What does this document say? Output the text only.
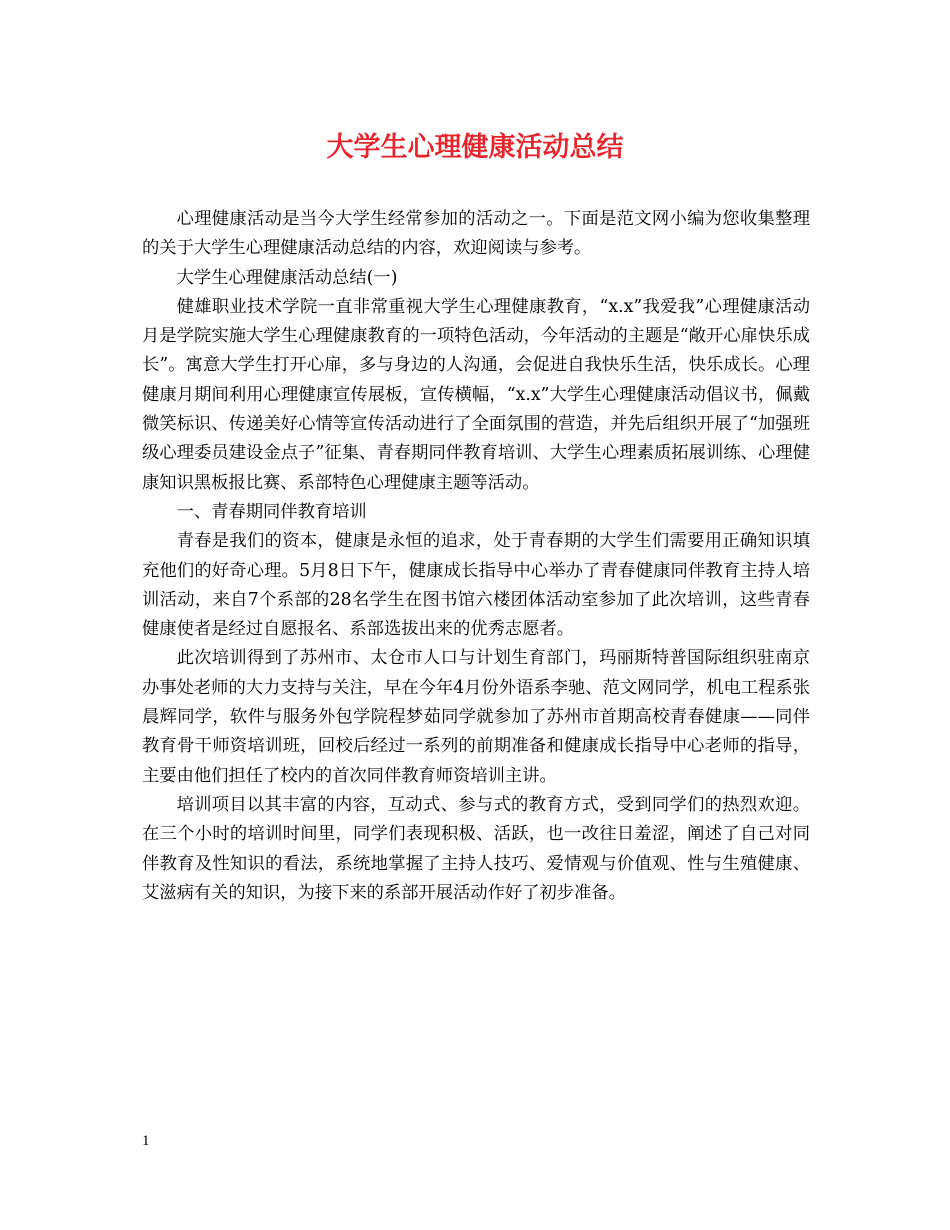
大学生心理健康活动总结

心理健康活动是当今大学生经常参加的活动之一。下面是范文网小编为您收集整理的关于大学生心理健康活动总结的内容，欢迎阅读与参考。

大学生心理健康活动总结(一)

健雄职业技术学院一直非常重视大学生心理健康教育，“x.x”我爱我”心理健康活动月是学院实施大学生心理健康教育的一项特色活动，今年活动的主题是“敞开心扉快乐成长”。寓意大学生打开心扉，多与身边的人沟通，会促进自我快乐生活，快乐成长。心理健康月期间利用心理健康宣传展板，宣传横幅，“x.x”大学生心理健康活动倡议书，佩戴微笑标识、传递美好心情等宣传活动进行了全面氛围的营造，并先后组织开展了“加强班级心理委员建设金点子”征集、青春期同伴教育培训、大学生心理素质拓展训练、心理健康知识黑板报比赛、系部特色心理健康主题等活动。

一、青春期同伴教育培训

青春是我们的资本，健康是永恒的追求，处于青春期的大学生们需要用正确知识填充他们的好奇心理。5月8日下午，健康成长指导中心举办了青春健康同伴教育主持人培训活动，来自7个系部的28名学生在图书馆六楼团体活动室参加了此次培训，这些青春健康使者是经过自愿报名、系部选拔出来的优秀志愿者。

此次培训得到了苏州市、太仓市人口与计划生育部门，玛丽斯特普国际组织驻南京办事处老师的大力支持与关注，早在今年4月份外语系李驰、范文网同学，机电工程系张晨辉同学，软件与服务外包学院程梦茹同学就参加了苏州市首期高校青春健康——同伴教育骨干师资培训班，回校后经过一系列的前期准备和健康成长指导中心老师的指导，主要由他们担任了校内的首次同伴教育师资培训主讲。

培训项目以其丰富的内容，互动式、参与式的教育方式，受到同学们的热烈欢迎。在三个小时的培训时间里，同学们表现积极、活跃，也一改往日羞涩，阐述了自己对同伴教育及性知识的看法，系统地掌握了主持人技巧、爱情观与价值观、性与生殖健康、艾滋病有关的知识，为接下来的系部开展活动作好了初步准备。

1
